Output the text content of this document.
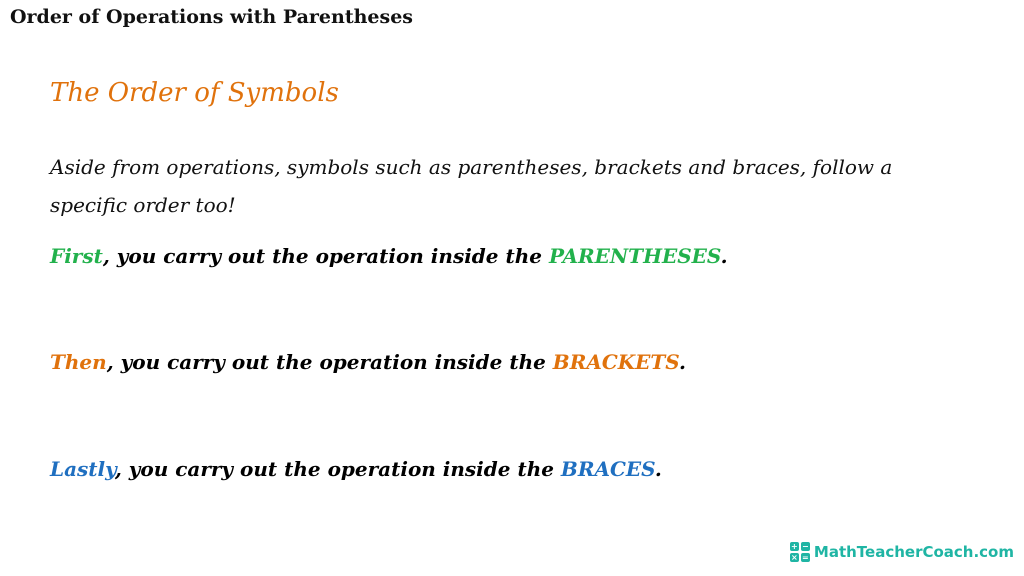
Order of Operations with Parentheses
The Order of Symbols
Aside from operations, symbols such as parentheses, brackets and braces, follow a specific order too!
First, you carry out the operation inside the PARENTHESES.
Then, you carry out the operation inside the BRACKETS.
Lastly, you carry out the operation inside the BRACES.
+ −
× = MathTeacherCoach.com
